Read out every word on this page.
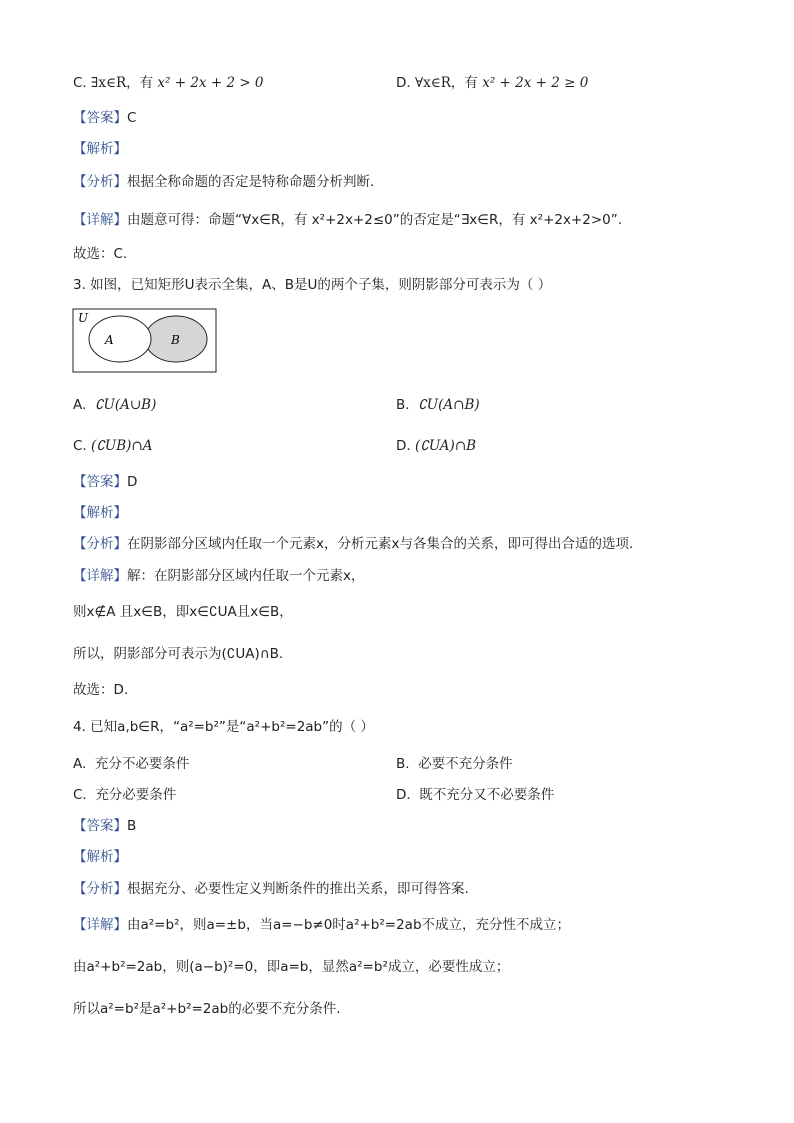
C. ∃x∈R，有 x² + 2x + 2 > 0	D. ∀x∈R，有 x² + 2x + 2 ≥ 0
【答案】C
【解析】
【分析】根据全称命题的否定是特称命题分析判断.
【详解】由题意可得：命题“∀x∈R，有 x²+2x+2≤0”的否定是“∃x∈R，有 x²+2x+2>0”.
故选：C.
3. 如图，已知矩形U表示全集，A、B是U的两个子集，则阴影部分可表示为（ ）
U
A	B
A. ∁U(A∪B)	B. ∁U(A∩B)
C. (∁UB)∩A	D. (∁UA)∩B
【答案】D
【解析】
【分析】在阴影部分区域内任取一个元素x，分析元素x与各集合的关系，即可得出合适的选项.
【详解】解：在阴影部分区域内任取一个元素x，
则x∉A 且x∈B，即x∈∁UA且x∈B，
所以，阴影部分可表示为(∁UA)∩B.
故选：D.
4. 已知a,b∈R，“a²=b²”是“a²+b²=2ab”的（ ）
A. 充分不必要条件	B. 必要不充分条件
C. 充分必要条件	D. 既不充分又不必要条件
【答案】B
【解析】
【分析】根据充分、必要性定义判断条件的推出关系，即可得答案.
【详解】由a²=b²，则a=±b，当a=−b≠0时a²+b²=2ab不成立，充分性不成立；
由a²+b²=2ab，则(a−b)²=0，即a=b，显然a²=b²成立，必要性成立；
所以a²=b²是a²+b²=2ab的必要不充分条件.
